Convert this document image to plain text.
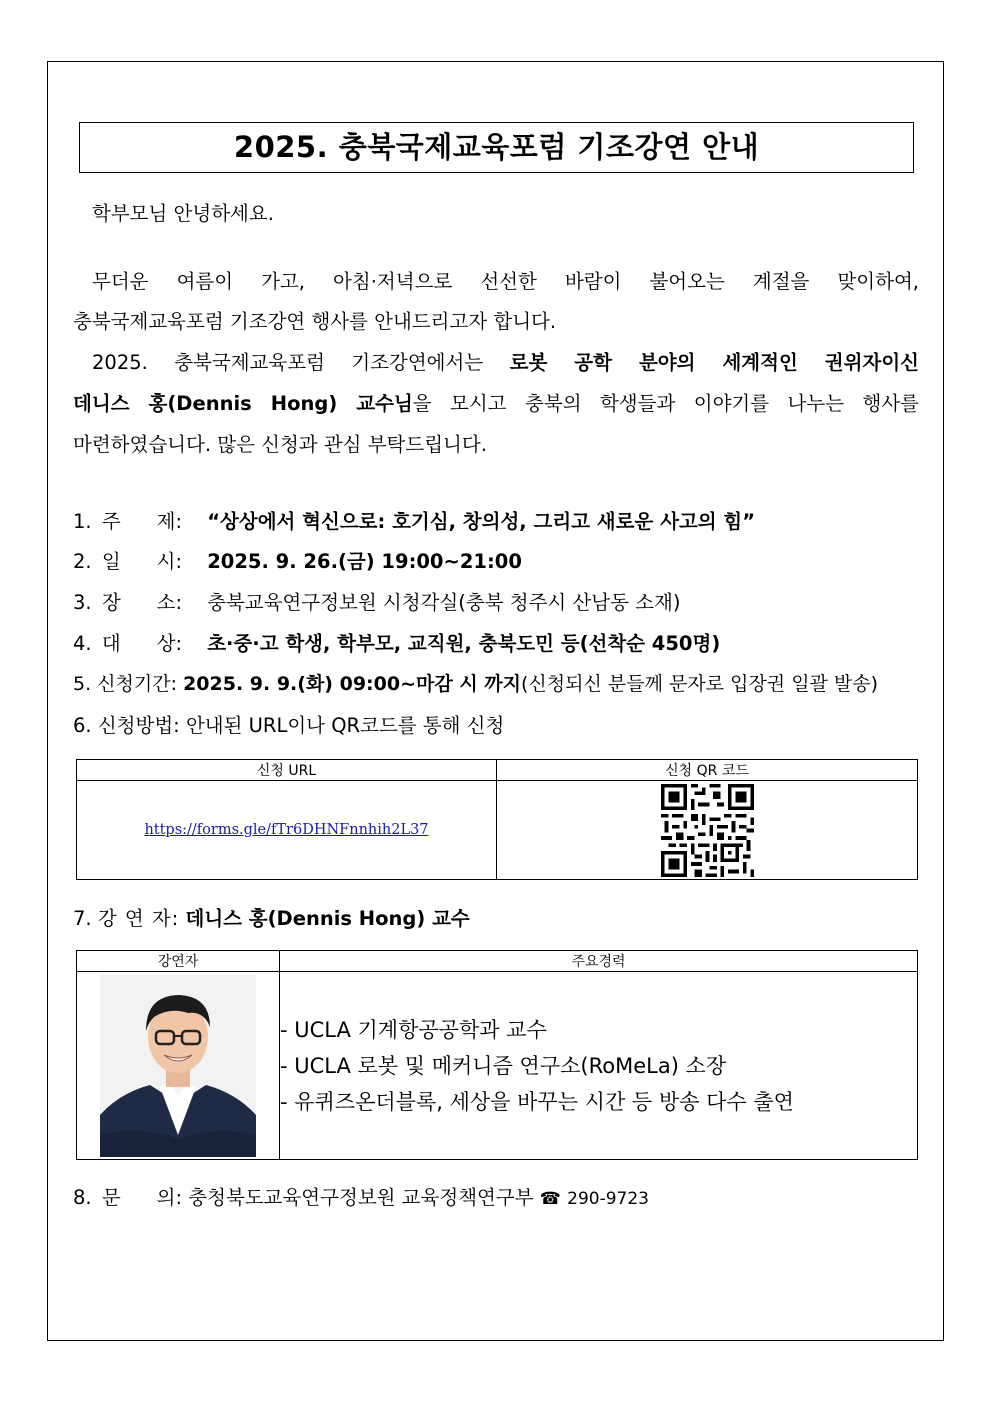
2025. 충북국제교육포럼 기조강연 안내
학부모님 안녕하세요.
무더운 여름이 가고, 아침·저녁으로 선선한 바람이 불어오는 계절을 맞이하여,
충북국제교육포럼 기조강연 행사를 안내드리고자 합니다.
2025. 충북국제교육포럼 기조강연에서는 로봇 공학 분야의 세계적인 권위자이신
데니스 홍(Dennis Hong) 교수님을 모시고 충북의 학생들과 이야기를 나누는 행사를
마련하였습니다. 많은 신청과 관심 부탁드립니다.
1. 주 제: “상상에서 혁신으로: 호기심, 창의성, 그리고 새로운 사고의 힘”
2. 일 시: 2025. 9. 26.(금) 19:00~21:00
3. 장 소: 충북교육연구정보원 시청각실(충북 청주시 산남동 소재)
4. 대 상: 초·중·고 학생, 학부모, 교직원, 충북도민 등(선착순 450명)
5. 신청기간: 2025. 9. 9.(화) 09:00~마감 시 까지(신청되신 분들께 문자로 입장권 일괄 발송)
6. 신청방법: 안내된 URL이나 QR코드를 통해 신청
신청 URL	신청 QR 코드
https://forms.gle/fTr6DHNFnnhih2L37	
7. 강 연 자: 데니스 홍(Dennis Hong) 교수
강연자	주요경력

- UCLA 기계항공공학과 교수
- UCLA 로봇 및 메커니즘 연구소(RoMeLa) 소장
- 유퀴즈온더블록, 세상을 바꾸는 시간 등 방송 다수 출연
8. 문 의: 충청북도교육연구정보원 교육정책연구부 ☎ 290-9723
